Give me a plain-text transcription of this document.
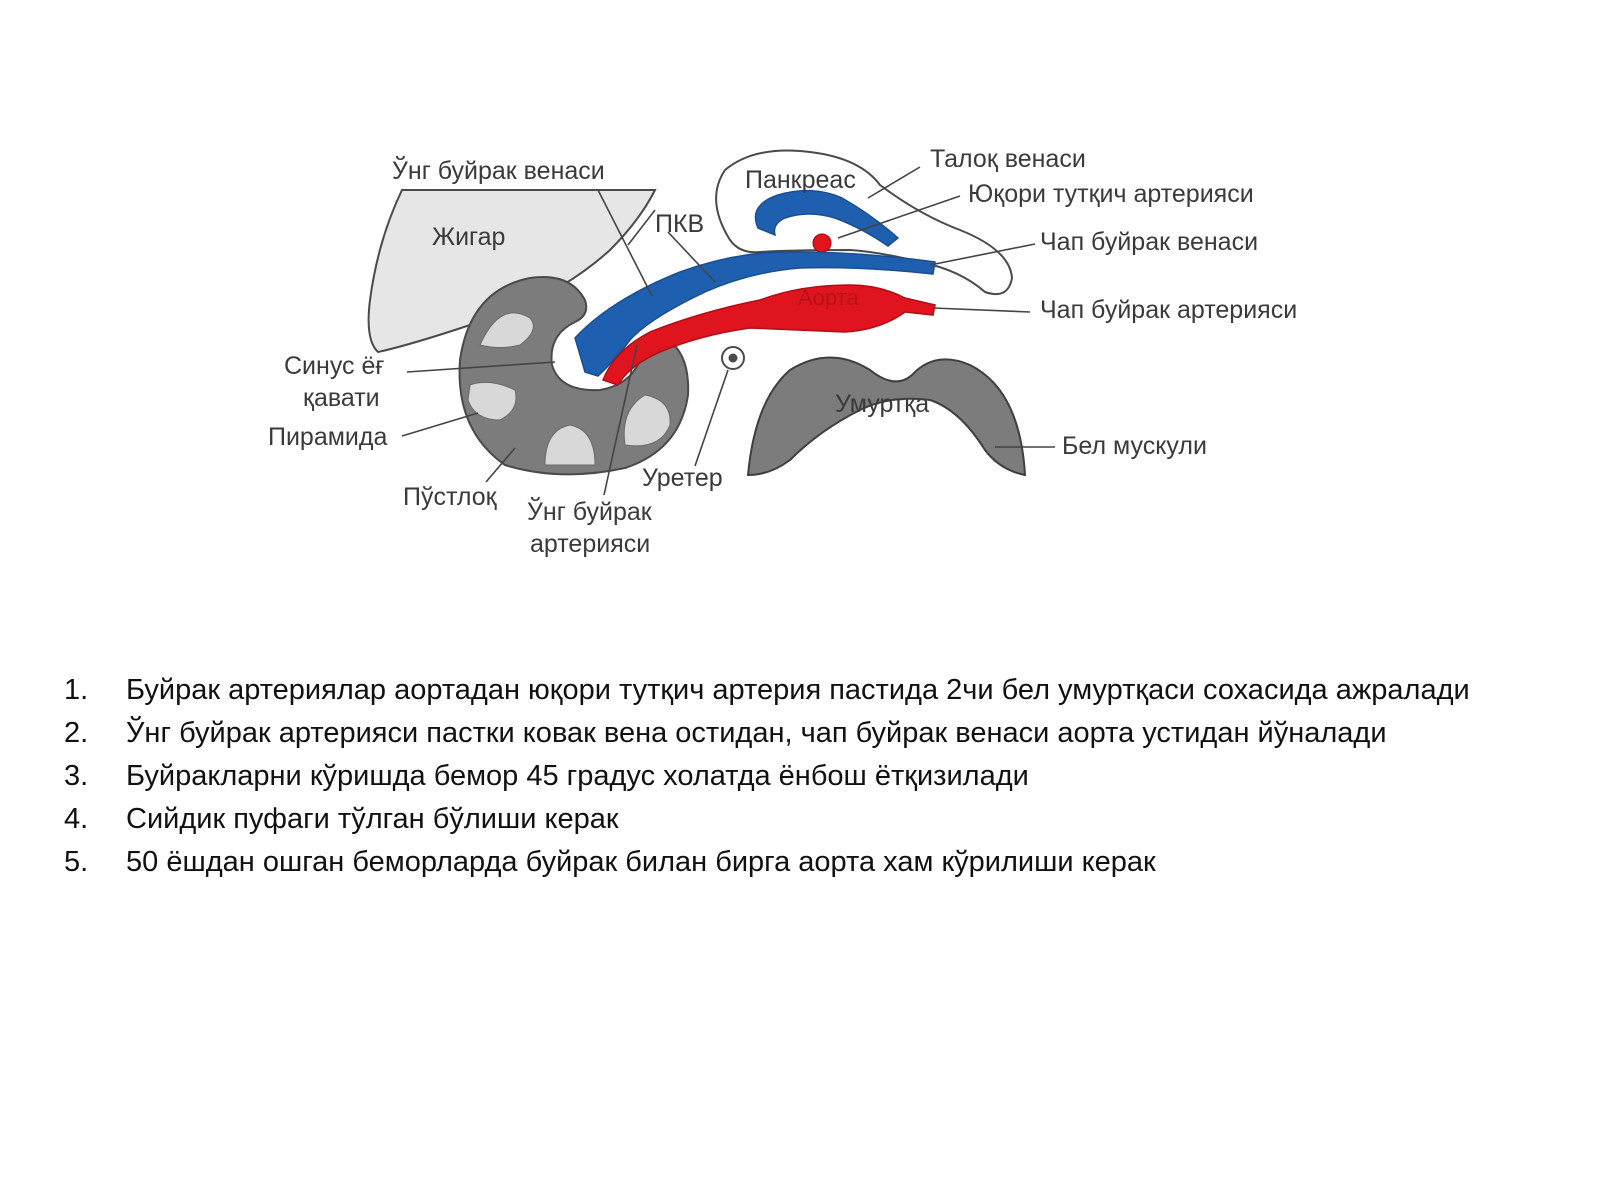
Ўнг буйрак венаси
Жигар	ПКВ
Панкреас
Талоқ венаси
Юқори тутқич артерияси
Чап буйрак венаси
Чап буйрак артерияси
Аорта
Синус ёғ
қавати
Пирамида
Пўстлоқ
Ўнг буйрак
артерияси
Уретер
Умуртқа
Бел мускули
1. Буйрак артериялар аортадан юқори тутқич артерия пастида 2чи бел умуртқаси сохасида ажралади
2. Ўнг буйрак артерияси пастки ковак вена остидан, чап буйрак венаси аорта устидан йўналади
3. Буйракларни кўришда бемор 45 градус холатда ёнбош ётқизилади
4. Сийдик пуфаги тўлган бўлиши керак
5. 50 ёшдан ошган беморларда буйрак билан бирга аорта хам кўрилиши керак
